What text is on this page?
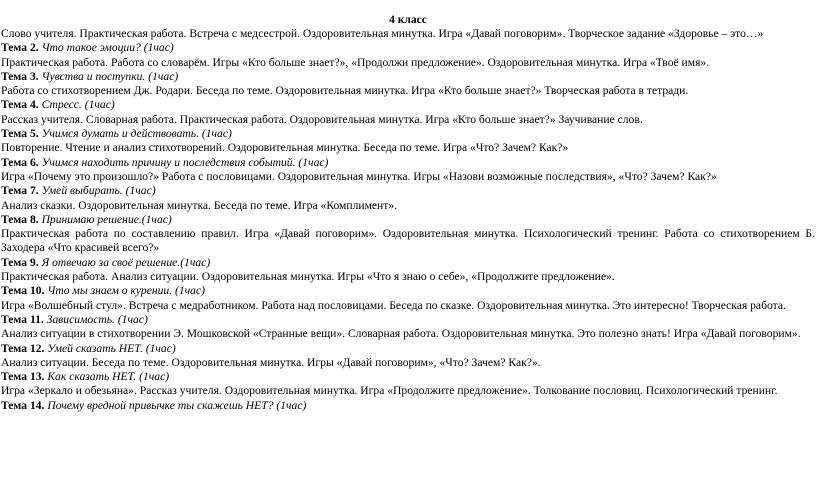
4 класс

Слово учителя. Практическая работа. Встреча с медсестрой. Оздоровительная минутка. Игра «Давай поговорим». Творческое задание «Здоровье – это…»

Тема 2. Что такое эмоции? (1час)

Практическая работа. Работа со словарём. Игры «Кто больше знает?», «Продолжи предложение». Оздоровительная минутка. Игра «Твоё имя».

Тема 3. Чувства и поступки. (1час)

Работа со стихотворением Дж. Родари. Беседа по теме. Оздоровительная минутка. Игра «Кто больше знает?» Творческая работа в тетради.

Тема 4. Стресс. (1час)

Рассказ учителя. Словарная работа. Практическая работа. Оздоровительная минутка. Игра «Кто больше знает?» Заучивание слов.

Тема 5. Учимся думать и действовать. (1час)

Повторение. Чтение и анализ стихотворений. Оздоровительная минутка. Беседа по теме. Игра «Что? Зачем? Как?»

Тема 6. Учимся находить причину и последствия событий. (1час)

Игра «Почему это произошло?» Работа с пословицами. Оздоровительная минутка. Игры «Назови возможные последствия», «Что? Зачем? Как?»

Тема 7. Умей выбирать. (1час)

Анализ сказки. Оздоровительная минутка. Беседа по теме. Игра «Комплимент».

Тема 8. Принимаю решение.(1час)

Практическая работа по составлению правил. Игра «Давай поговорим». Оздоровительная минутка. Психологический тренинг. Работа со стихотворением Б. Заходера «Что красивей всего?»

Тема 9. Я отвечаю за своё решение.(1час)

Практическая работа. Анализ ситуации. Оздоровительная минутка. Игры «Что я знаю о себе», «Продолжите предложение».

Тема 10. Что мы знаем о курении. (1час)

Игра «Волшебный стул». Встреча с медработником. Работа над пословицами. Беседа по сказке. Оздоровительная минутка. Это интересно! Творческая работа.

Тема 11. Зависимость. (1час)

Анализ ситуации в стихотворении Э. Мошковской «Странные вещи». Словарная работа. Оздоровительная минутка. Это полезно знать! Игра «Давай поговорим».

Тема 12. Умей сказать НЕТ. (1час)

Анализ ситуации. Беседа по теме. Оздоровительная минутка. Игры «Давай поговорим», «Что? Зачем? Как?».

Тема 13. Как сказать НЕТ. (1час)

Игра «Зеркало и обезьяна». Рассказ учителя. Оздоровительная минутка. Игра «Продолжите предложение». Толкование пословиц. Психологический тренинг.

Тема 14. Почему вредной привычке ты скажешь НЕТ? (1час)
